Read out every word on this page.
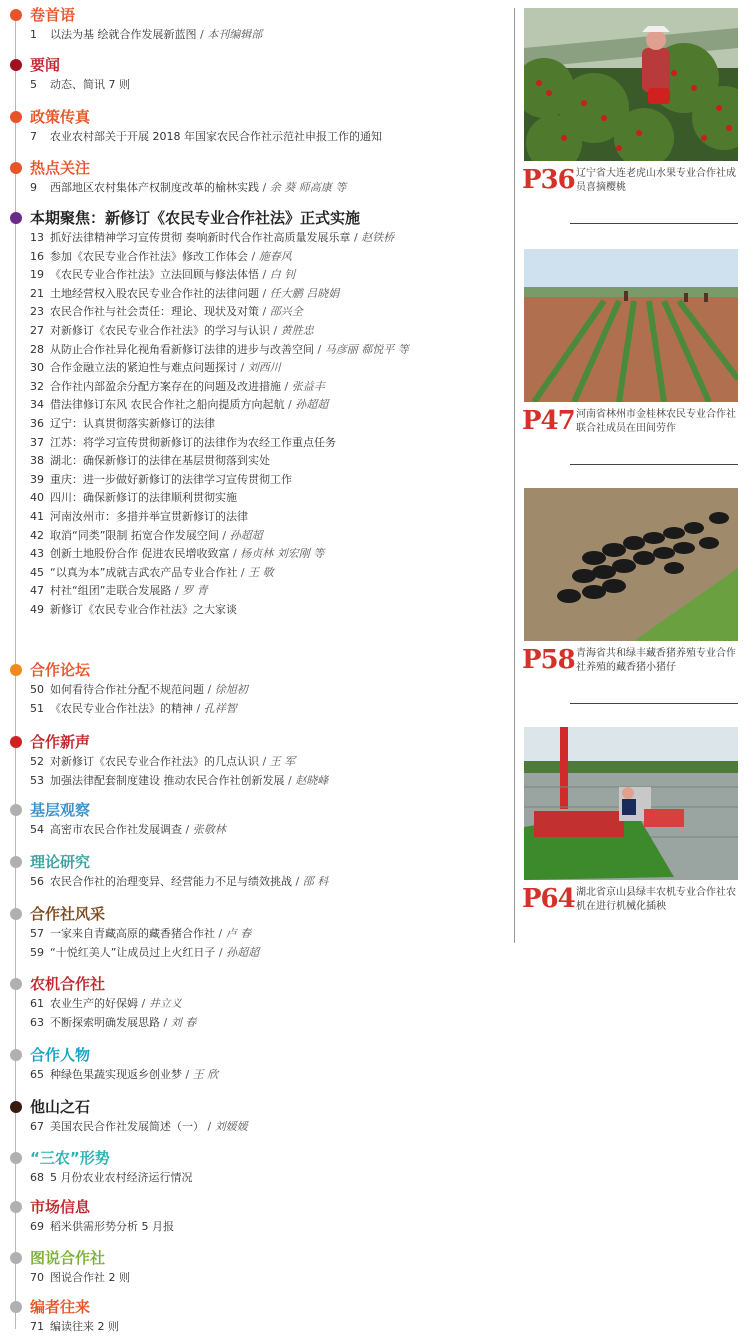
卷首语
1 以法为基 绘就合作发展新蓝图 / 本刊编辑部
要闻
5 动态、简讯 7 则
政策传真
7 农业农村部关于开展 2018 年国家农民合作社示范社申报工作的通知
热点关注
9 西部地区农村集体产权制度改革的榆林实践 / 余 葵 师高康 等
本期聚焦：新修订《农民专业合作社法》正式实施
13 抓好法律精神学习宣传贯彻 奏响新时代合作社高质量发展乐章 / 赵铁桥
16 参加《农民专业合作社法》修改工作体会 / 施春风
19 《农民专业合作社法》立法回顾与修法体悟 / 白 钊
21 土地经营权入股农民专业合作社的法律问题 / 任大鹏 吕晓娟
23 农民合作社与社会责任：理论、现状及对策 / 邵兴全
27 对新修订《农民专业合作社法》的学习与认识 / 黄胜忠
28 从防止合作社异化视角看新修订法律的进步与改善空间 / 马彦丽 郗悦平 等
30 合作金融立法的紧迫性与难点问题探讨 / 刘西川
32 合作社内部盈余分配方案存在的问题及改进措施 / 张益丰
34 借法律修订东风 农民合作社之船向提质方向起航 / 孙超超
36 辽宁：认真贯彻落实新修订的法律
37 江苏：将学习宣传贯彻新修订的法律作为农经工作重点任务
38 湖北：确保新修订的法律在基层贯彻落到实处
39 重庆：进一步做好新修订的法律学习宣传贯彻工作
40 四川：确保新修订的法律顺利贯彻实施
41 河南汝州市：多措并举宣贯新修订的法律
42 取消“同类”限制 拓宽合作发展空间 / 孙超超
43 创新土地股份合作 促进农民增收致富 / 杨贞林 刘宏刚 等
45 “以真为本”成就吉武农产品专业合作社 / 王 敬
47 村社“组团”走联合发展路 / 罗 青
49 新修订《农民专业合作社法》之大家谈
合作论坛
50 如何看待合作社分配不规范问题 / 徐旭初
51 《农民专业合作社法》的精神 / 孔祥智
合作新声
52 对新修订《农民专业合作社法》的几点认识 / 王 军
53 加强法律配套制度建设 推动农民合作社创新发展 / 赵晓峰
基层观察
54 高密市农民合作社发展调查 / 张敬林
理论研究
56 农民合作社的治理变异、经营能力不足与绩效挑战 / 邵 科
合作社风采
57 一家来自青藏高原的藏香猪合作社 / 卢 春
59 “十悦红美人”让成员过上火红日子 / 孙超超
农机合作社
61 农业生产的好保姆 / 井立义
63 不断探索明确发展思路 / 刘 春
合作人物
65 种绿色果蔬实现返乡创业梦 / 王 欣
他山之石
67 美国农民合作社发展简述（一） / 刘媛媛
“三农”形势
68 5 月份农业农村经济运行情况
市场信息
69 稻米供需形势分析 5 月报
图说合作社
70 图说合作社 2 则
编者往来
71 编读往来 2 则
P36 辽宁省大连老虎山水果专业合作社成员喜摘樱桃
P47 河南省林州市金桂林农民专业合作社联合社成员在田间劳作
P58 青海省共和绿丰藏香猪养殖专业合作社养殖的藏香猪小猪仔
P64 湖北省京山县绿丰农机专业合作社农机在进行机械化插秧
